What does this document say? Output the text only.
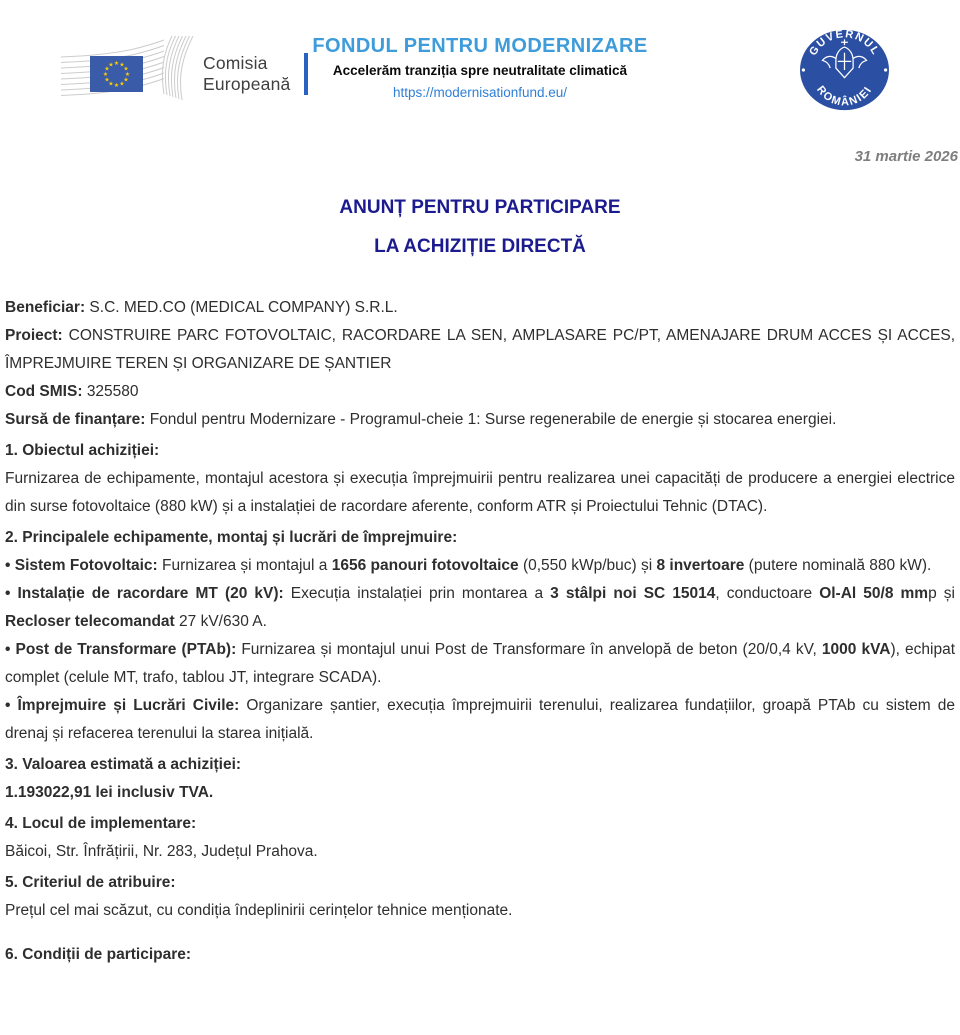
★ ★
★
★
★
★
★
★
★
★
★
★	Comisia
Europeană
FONDUL PENTRU MODERNIZARE
Accelerăm tranziția spre neutralitate climatică
https://modernisationfund.eu/
GUVERNUL
ROMÂNIEI
31 martie 2026
ANUNȚ PENTRU PARTICIPARE
LA ACHIZIȚIE DIRECTĂ

Beneficiar: S.C. MED.CO (MEDICAL COMPANY) S.R.L.

Proiect: CONSTRUIRE PARC FOTOVOLTAIC, RACORDARE LA SEN, AMPLASARE PC/PT, AMENAJARE DRUM ACCES ȘI ACCES, ÎMPREJMUIRE TEREN ȘI ORGANIZARE DE ȘANTIER

Cod SMIS: 325580

Sursă de finanțare: Fondul pentru Modernizare - Programul-cheie 1: Surse regenerabile de energie și stocarea energiei.

1. Obiectul achiziției:

Furnizarea de echipamente, montajul acestora și execuția împrejmuirii pentru realizarea unei capacități de producere a energiei electrice din surse fotovoltaice (880 kW) și a instalației de racordare aferente, conform ATR și Proiectului Tehnic (DTAC).

2. Principalele echipamente, montaj și lucrări de împrejmuire:

• Sistem Fotovoltaic: Furnizarea și montajul a 1656 panouri fotovoltaice (0,550 kWp/buc) și 8 invertoare (putere nominală 880 kW).

• Instalație de racordare MT (20 kV): Execuția instalației prin montarea a 3 stâlpi noi SC 15014, conductoare Ol-Al 50/8 mmp și Recloser telecomandat 27 kV/630 A.

• Post de Transformare (PTAb): Furnizarea și montajul unui Post de Transformare în anvelopă de beton (20/0,4 kV, 1000 kVA), echipat complet (celule MT, trafo, tablou JT, integrare SCADA).

• Împrejmuire și Lucrări Civile: Organizare șantier, execuția împrejmuirii terenului, realizarea fundațiilor, groapă PTAb cu sistem de drenaj și refacerea terenului la starea inițială.

3. Valoarea estimată a achiziției:

1.193022,91 lei inclusiv TVA.

4. Locul de implementare:

Băicoi, Str. Înfrățirii, Nr. 283, Județul Prahova.

5. Criteriul de atribuire:

Prețul cel mai scăzut, cu condiția îndeplinirii cerințelor tehnice menționate.

6. Condiții de participare:
